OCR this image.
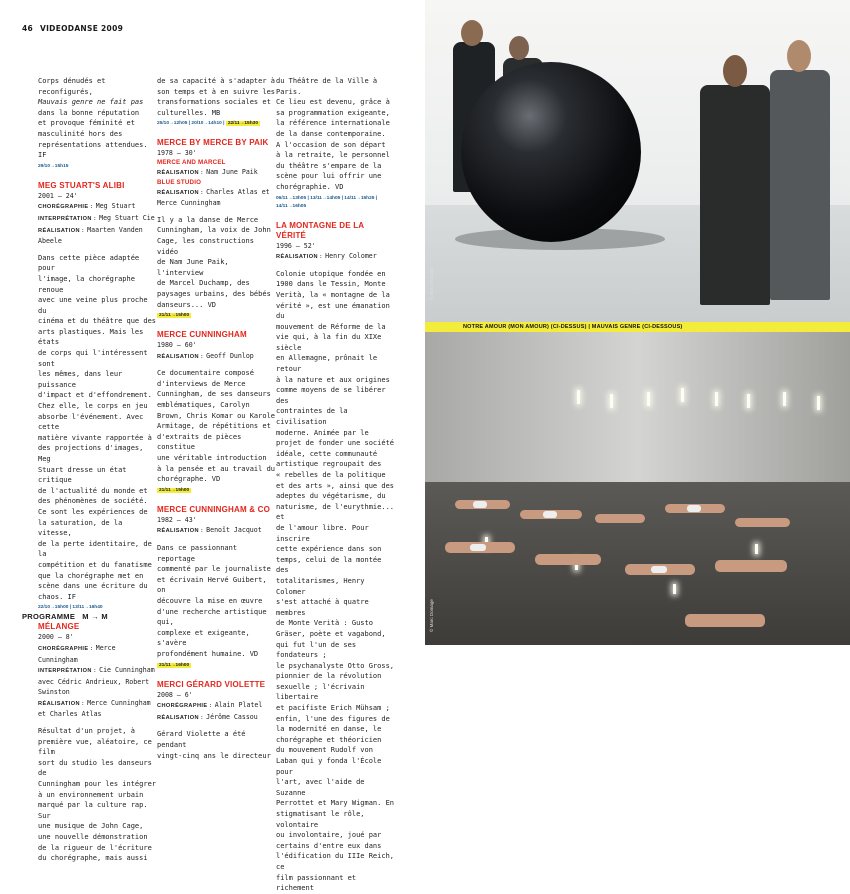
46 VIDEODANSE 2009

Corps dénudés et reconfigurés,

Mauvais genre ne fait pas

dans la bonne réputation

et provoque féminité et

masculinité hors des

représentations attendues. IF

29/10→15h15
MEG STUART'S ALIBI
2001 – 24'
CHORÉGRAPHIE : Meg Stuart
INTERPRÉTATION : Meg Stuart Cie
RÉALISATION : Maarten Vanden Abeele

Dans cette pièce adaptée pour

l'image, la chorégraphe renoue

avec une veine plus proche du

cinéma et du théâtre que des

arts plastiques. Mais les états

de corps qui l'intéressent sont

les mêmes, dans leur puissance

d'impact et d'effondrement.

Chez elle, le corps en jeu

absorbe l'événement. Avec cette

matière vivante rapportée à

des projections d'images, Meg

Stuart dresse un état critique

de l'actualité du monde et

des phénomènes de société.

Ce sont les expériences de

la saturation, de la vitesse,

de la perte identitaire, de la

compétition et du fanatisme

que la chorégraphe met en

scène dans une écriture du

chaos. IF

22/10→15h00 | 13/11→16h40
MÉLANGE
2000 – 8'
CHORÉGRAPHIE : Merce Cunningham
INTERPRÉTATION : Cie Cunningham avec Cédric Andrieux, Robert Swinston
RÉALISATION : Merce Cunningham et Charles Atlas

Résultat d'un projet, à

première vue, aléatoire, ce film

sort du studio les danseurs de

Cunningham pour les intégrer

à un environnement urbain

marqué par la culture rap. Sur

une musique de John Cage,

une nouvelle démonstration

de la rigueur de l'écriture

du chorégraphe, mais aussi

de sa capacité à s'adapter à

son temps et à en suivre les

transformations sociales et

culturelles. MB

25/10→12h05 | 20/10→14h10 | 22/11→15h30
MERCE BY MERCE BY PAIK
1978 – 30'
MERCE AND MARCEL
RÉALISATION : Nam June Paik
BLUE STUDIO
RÉALISATION : Charles Atlas et Merce Cunningham

Il y a la danse de Merce

Cunningham, la voix de John

Cage, les constructions vidéo

de Nam June Paik, l'interview

de Marcel Duchamp, des

paysages urbains, des bébés

danseurs... VD

21/11→15h00
MERCE CUNNINGHAM
1980 – 60'
RÉALISATION : Geoff Dunlop

Ce documentaire composé

d'interviews de Merce

Cunningham, de ses danseurs

emblématiques, Carolyn

Brown, Chris Komar ou Karole

Armitage, de répétitions et

d'extraits de pièces constitue

une véritable introduction

à la pensée et au travail du

chorégraphe. VD

21/11→15h00
MERCE CUNNINGHAM & CO
1982 – 43'
RÉALISATION : Benoît Jacquot

Dans ce passionnant reportage

commenté par le journaliste

et écrivain Hervé Guibert, on

découvre la mise en œuvre

d'une recherche artistique qui,

complexe et exigeante, s'avère

profondément humaine. VD

21/11→16h00
MERCI GÉRARD VIOLETTE
2008 – 6'
CHORÉGRAPHIE : Alain Platel
RÉALISATION : Jérôme Cassou

Gérard Violette a été pendant

vingt-cinq ans le directeur

du Théâtre de la Ville à Paris.

Ce lieu est devenu, grâce à

sa programmation exigeante,

la référence internationale

de la danse contemporaine.

A l'occasion de son départ

à la retraite, le personnel

du théâtre s'empare de la

scène pour lui offrir une

chorégraphie. VD

06/11→13h05 | 13/11→14h05 | 14/11→15h25 | 14/11→16h05
LA MONTAGNE DE LA VÉRITÉ
1996 – 52'
RÉALISATION : Henry Colomer

Colonie utopique fondée en

1900 dans le Tessin, Monte

Verità, la « montagne de la

vérité », est une émanation du

mouvement de Réforme de la

vie qui, à la fin du XIXe siècle

en Allemagne, prônait le retour

à la nature et aux origines

comme moyens de se libérer des

contraintes de la civilisation

moderne. Animée par le

projet de fonder une société

idéale, cette communauté

artistique regroupait des

« rebelles de la politique

et des arts », ainsi que des

adeptes du végétarisme, du

naturisme, de l'eurythmie... et

de l'amour libre. Pour inscrire

cette expérience dans son

temps, celui de la montée des

totalitarismes, Henry Colomer

s'est attaché à quatre membres

de Monte Verità : Gusto

Gräser, poète et vagabond,

qui fut l'un de ses fondateurs ;

le psychanalyste Otto Gross,

pionnier de la révolution

sexuelle ; l'écrivain libertaire

et pacifiste Erich Mühsam ;

enfin, l'une des figures de

la modernité en danse, le

chorégraphe et théoricien

du mouvement Rudolf von

Laban qui y fonda l'École pour

l'art, avec l'aide de Suzanne

Perrottet et Mary Wigman. En

stigmatisant le rôle, volontaire

ou involontaire, joué par

certains d'entre eux dans

l'édification du IIIe Reich, ce

film passionnant et richement

PROGRAMME M → M
© Marc Domage
NOTRE AMOUR (MON AMOUR) (CI-DESSUS) | MAUVAIS GENRE (CI-DESSOUS)
© Marc Domage
